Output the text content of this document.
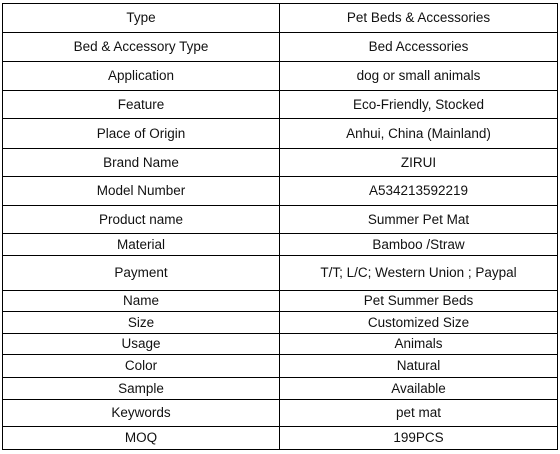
Type	Pet Beds & Accessories
Bed & Accessory Type	Bed Accessories
Application	dog or small animals
Feature	Eco-Friendly, Stocked
Place of Origin	Anhui, China (Mainland)
Brand Name	ZIRUI
Model Number	A534213592219
Product name	Summer Pet Mat
Material	Bamboo /Straw
Payment	T/T; L/C; Western Union ; Paypal
Name	Pet Summer Beds
Size	Customized Size
Usage	Animals
Color	Natural
Sample	Available
Keywords	pet mat
MOQ	199PCS
